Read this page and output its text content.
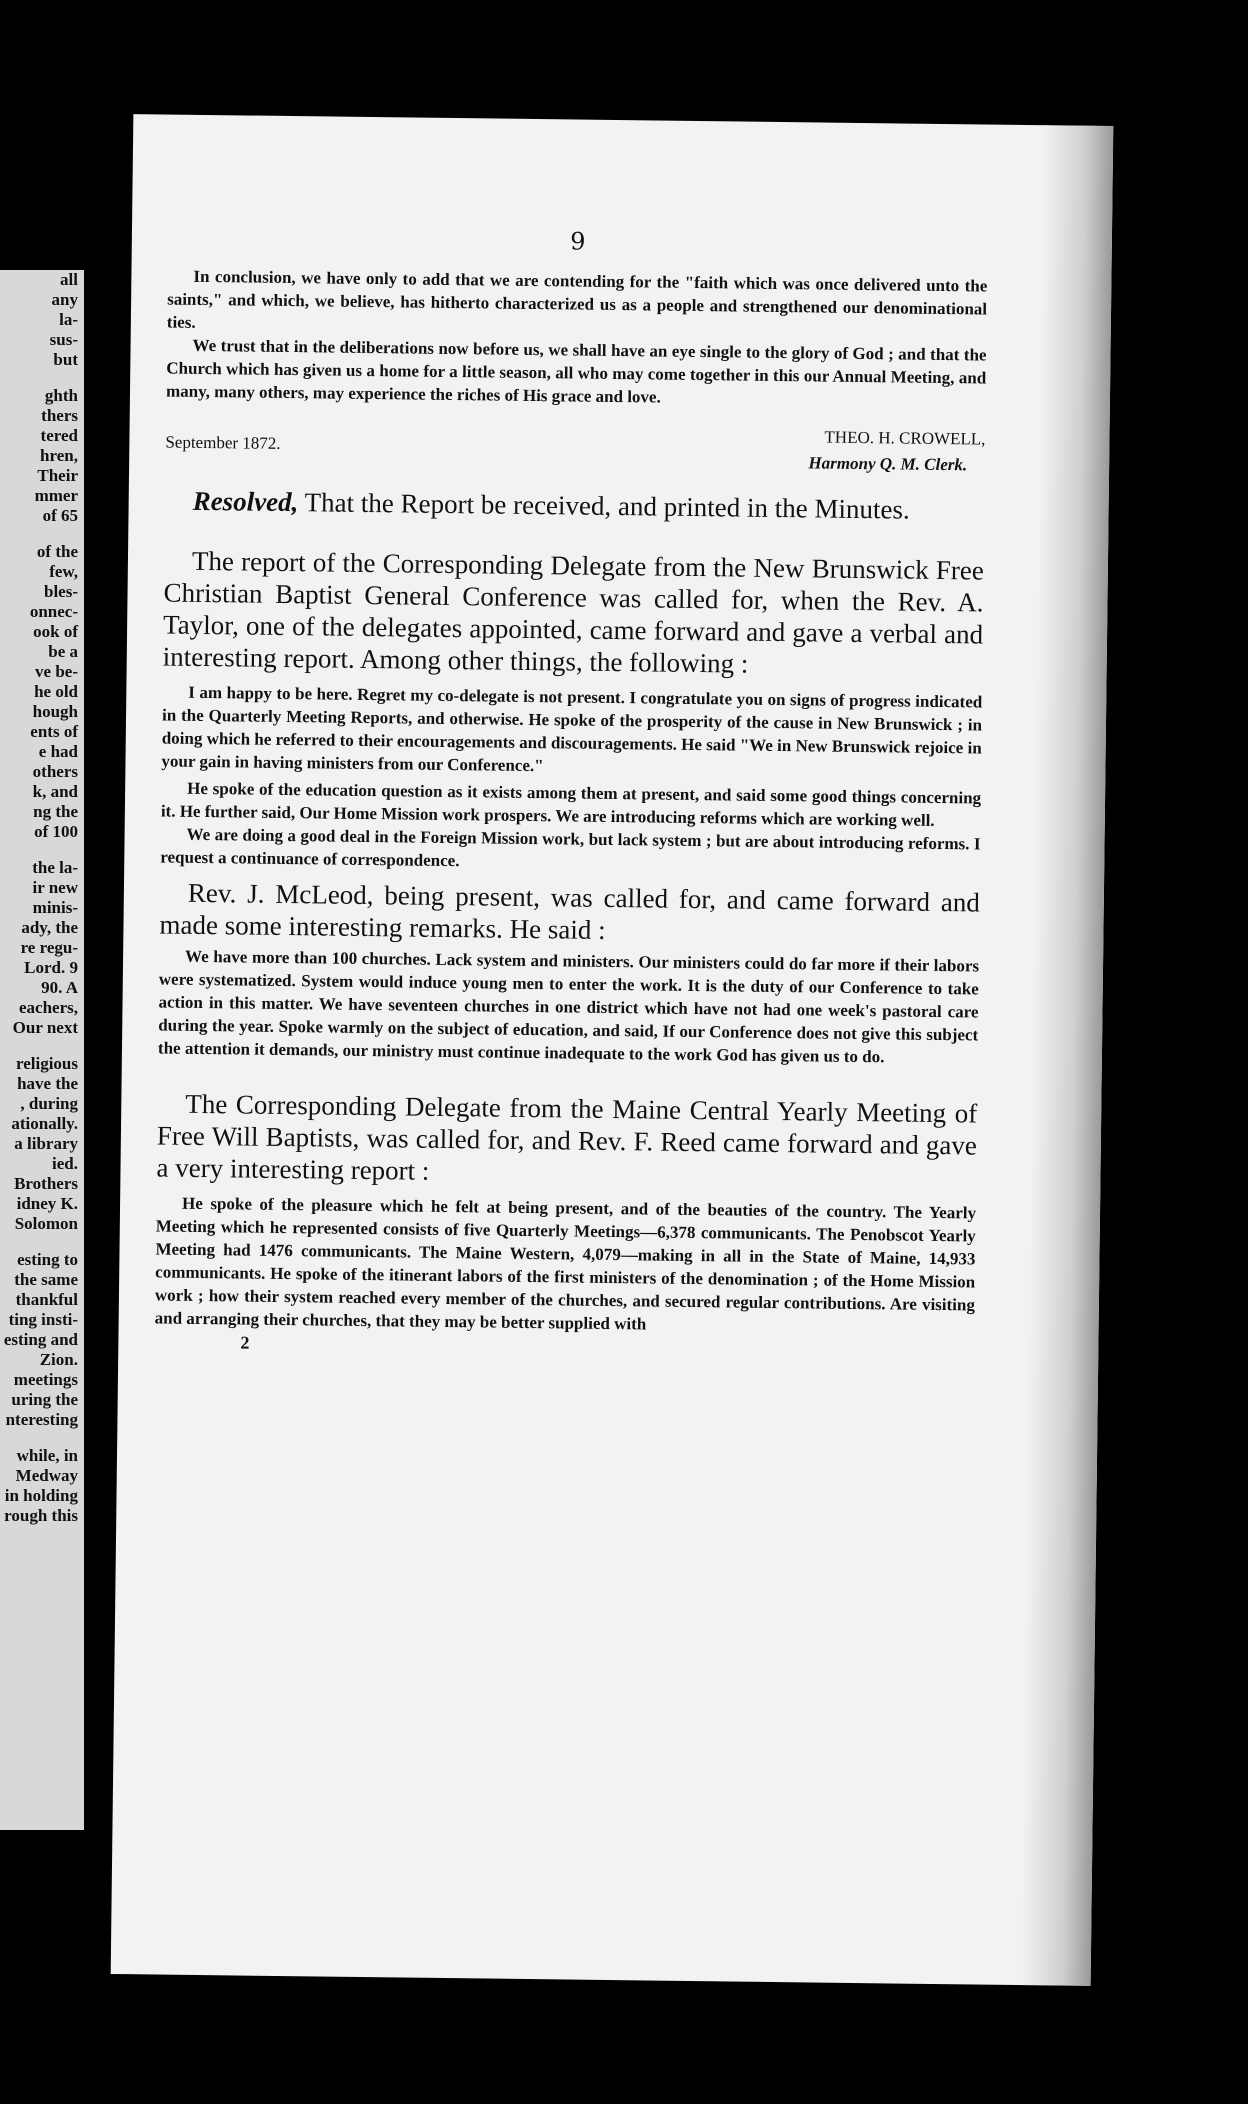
all
any
la-
sus-
but
ghth
thers
tered
hren,
Their
mmer
of 65
of the
few,
bles-
onnec-
ook of
be a
ve be-
he old
hough
ents of
e had
others
k, and
ng the
of 100
the la-
ir new
minis-
ady, the
re regu-
Lord. 9
90. A
eachers,
Our next
religious
have the
, during
ationally.
a library
ied.
Brothers
idney K.
Solomon
esting to
the same
thankful
ting insti-
esting and
Zion.
meetings
uring the
nteresting
while, in
Medway
in holding
rough this
9

In conclusion, we have only to add that we are contending for the "faith which was once delivered unto the saints," and which, we believe, has hitherto characterized us as a people and strengthened our denominational ties.

We trust that in the deliberations now before us, we shall have an eye single to the glory of God ; and that the Church which has given us a home for a little season, all who may come together in this our Annual Meeting, and many, many others, may experience the riches of His grace and love.

September 1872.	THEO. H. CROWELL,
Harmony Q. M. Clerk.

Resolved, That the Report be received, and printed in the Minutes.

The report of the Corresponding Delegate from the New Brunswick Free Christian Baptist General Conference was called for, when the Rev. A. Taylor, one of the delegates appointed, came forward and gave a verbal and interesting report. Among other things, the following :

I am happy to be here. Regret my co-delegate is not present. I congratulate you on signs of progress indicated in the Quarterly Meeting Reports, and otherwise. He spoke of the prosperity of the cause in New Brunswick ; in doing which he referred to their encouragements and discouragements. He said "We in New Brunswick rejoice in your gain in having ministers from our Conference."

He spoke of the education question as it exists among them at present, and said some good things concerning it. He further said, Our Home Mission work prospers. We are introducing reforms which are working well.

We are doing a good deal in the Foreign Mission work, but lack system ; but are about introducing reforms. I request a continuance of correspondence.

Rev. J. McLeod, being present, was called for, and came forward and made some interesting remarks. He said :

We have more than 100 churches. Lack system and ministers. Our ministers could do far more if their labors were systematized. System would induce young men to enter the work. It is the duty of our Conference to take action in this matter. We have seventeen churches in one district which have not had one week's pastoral care during the year. Spoke warmly on the subject of education, and said, If our Conference does not give this subject the attention it demands, our ministry must continue inadequate to the work God has given us to do.

The Corresponding Delegate from the Maine Central Yearly Meeting of Free Will Baptists, was called for, and Rev. F. Reed came forward and gave a very interesting report :

He spoke of the pleasure which he felt at being present, and of the beauties of the country. The Yearly Meeting which he represented consists of five Quarterly Meetings—6,378 communicants. The Penobscot Yearly Meeting had 1476 communicants. The Maine Western, 4,079—making in all in the State of Maine, 14,933 communicants. He spoke of the itinerant labors of the first ministers of the denomination ; of the Home Mission work ; how their system reached every member of the churches, and secured regular contributions. Are visiting and arranging their churches, that they may be better supplied with

2
